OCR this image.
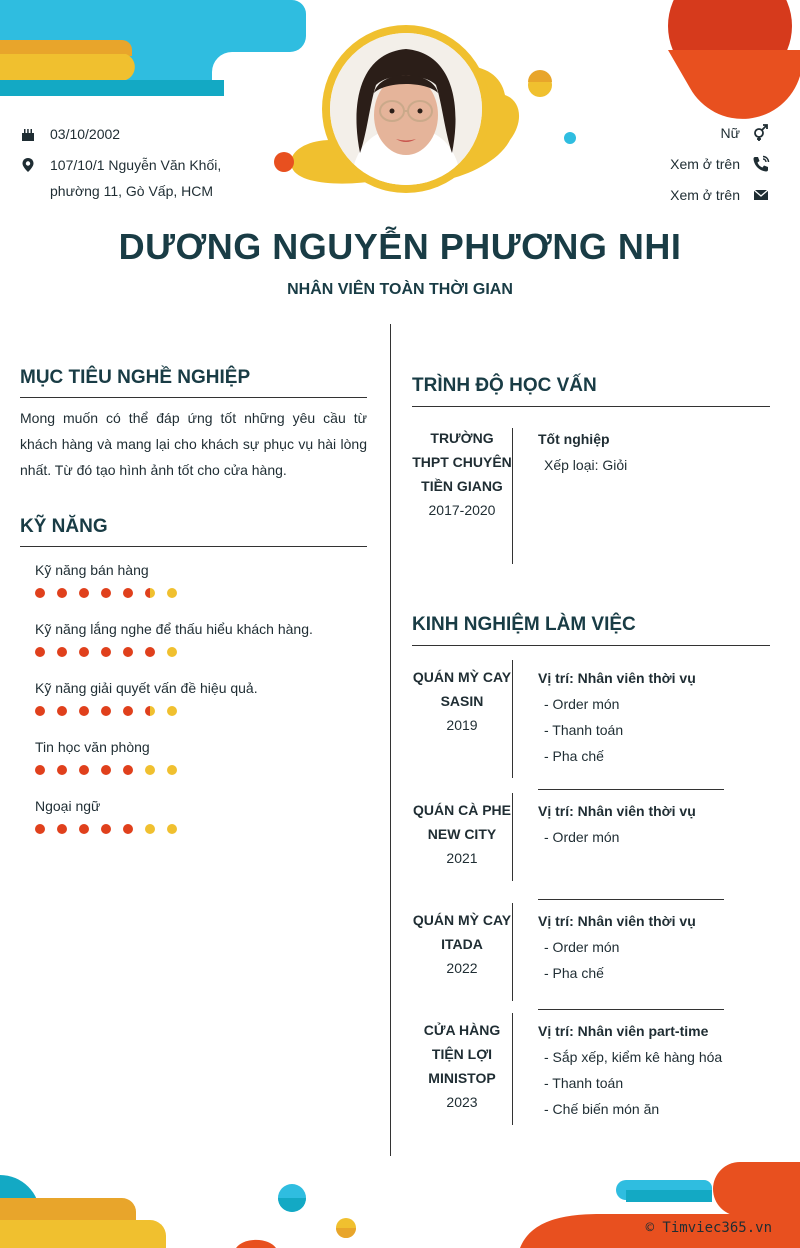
03/10/2002
107/10/1 Nguyễn Văn Khối,
phường 11, Gò Vấp, HCM
Nữ
Xem ở trên
Xem ở trên
DƯƠNG NGUYỄN PHƯƠNG NHI
NHÂN VIÊN TOÀN THỜI GIAN
MỤC TIÊU NGHỀ NGHIỆP
Mong muốn có thể đáp ứng tốt những yêu cầu từ khách hàng và mang lại cho khách sự phục vụ hài lòng nhất. Từ đó tạo hình ảnh tốt cho cửa hàng.
KỸ NĂNG
Kỹ năng bán hàng
Kỹ năng lắng nghe để thấu hiểu khách hàng.
Kỹ năng giải quyết vấn đề hiệu quả.
Tin học văn phòng
Ngoại ngữ
TRÌNH ĐỘ HỌC VẤN
TRƯỜNG THPT CHUYÊN TIỀN GIANG
2017-2020
Tốt nghiệp
Xếp loại: Giỏi
KINH NGHIỆM LÀM VIỆC
QUÁN MỲ CAY SASIN
2019
Vị trí: Nhân viên thời vụ
- Order món
- Thanh toán
- Pha chế
QUÁN CÀ PHE NEW CITY
2021
Vị trí: Nhân viên thời vụ
- Order món
QUÁN MỲ CAY ITADA
2022
Vị trí: Nhân viên thời vụ
- Order món
- Pha chế
CỬA HÀNG TIỆN LỢI MINISTOP
2023
Vị trí: Nhân viên part-time
- Sắp xếp, kiểm kê hàng hóa
- Thanh toán
- Chế biến món ăn
© Timviec365.vn
